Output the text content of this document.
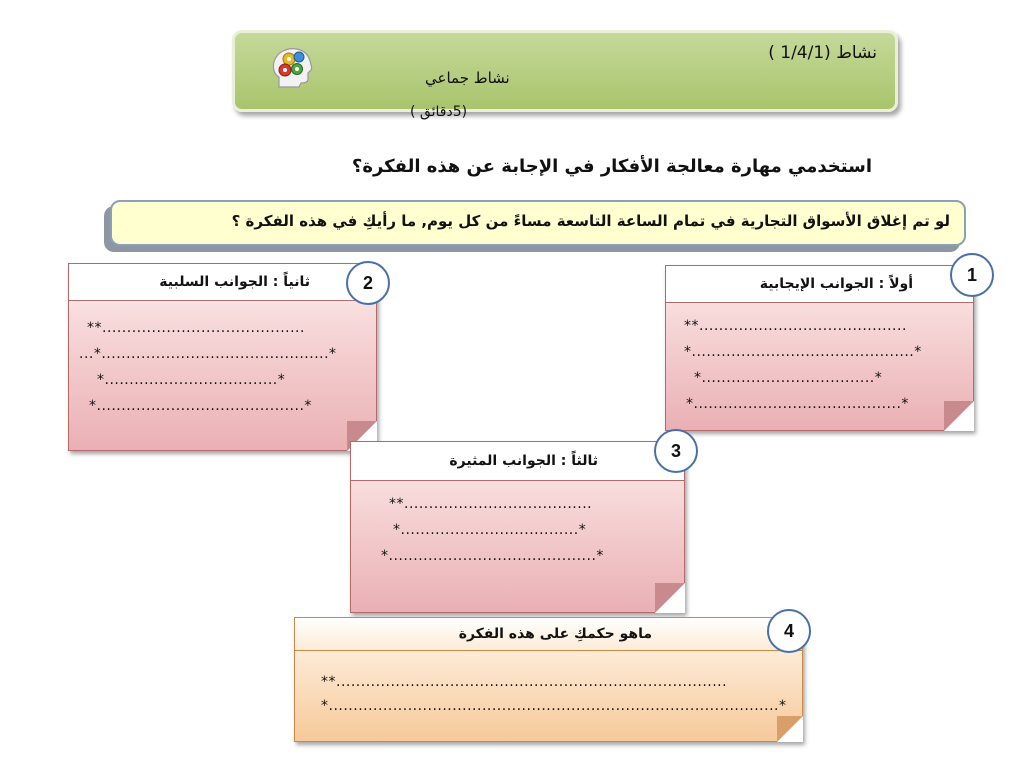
نشاط جماعي
نشاط (1/4/1 )
(5دقائق )
استخدمي مهارة معالجة الأفكار في الإجابة عن هذه الفكرة؟
لو تم إغلاق الأسواق التجارية في تمام الساعة التاسعة مساءً من كل يوم, ما رأيكِ في هذه الفكرة ؟
أولاً : الجوانب الإيجابية
**..........................................
*.............................................*
*...................................*
*..........................................*
1
ثانياً : الجوانب السلبية
**.........................................
...*..............................................*
*...................................*
*..........................................*
2
ثالثاً : الجوانب المثيرة
**......................................
*....................................*
*..........................................*
3
ماهو حكمكِ على هذه الفكرة
**...............................................................................
*...........................................................................................*
4
